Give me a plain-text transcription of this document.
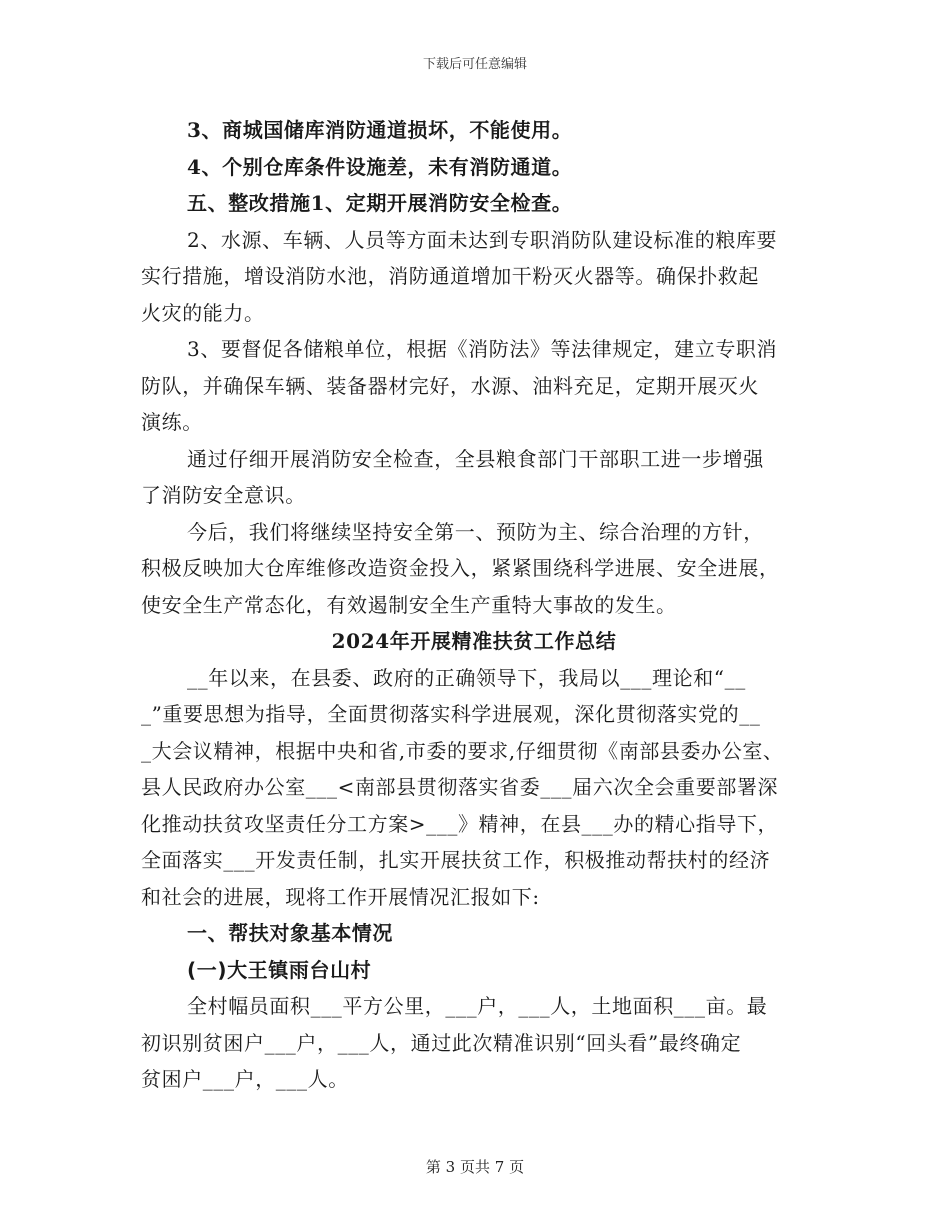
下载后可任意编辑
3、商城国储库消防通道损坏，不能使用。
4、个别仓库条件设施差，未有消防通道。
五、整改措施1、定期开展消防安全检查。
2、水源、车辆、人员等方面未达到专职消防队建设标准的粮库要
实行措施，增设消防水池，消防通道增加干粉灭火器等。确保扑救起
火灾的能力。
3、要督促各储粮单位，根据《消防法》等法律规定，建立专职消
防队，并确保车辆、装备器材完好，水源、油料充足，定期开展灭火
演练。
通过仔细开展消防安全检查，全县粮食部门干部职工进一步增强
了消防安全意识。
今后，我们将继续坚持安全第一、预防为主、综合治理的方针，
积极反映加大仓库维修改造资金投入，紧紧围绕科学进展、安全进展，
使安全生产常态化，有效遏制安全生产重特大事故的发生。
2024年开展精准扶贫工作总结
__年以来，在县委、政府的正确领导下，我局以___理论和“__
_”重要思想为指导，全面贯彻落实科学进展观，深化贯彻落实党的__
_大会议精神，根据中央和省,市委的要求,仔细贯彻《南部县委办公室、
县人民政府办公室___<南部县贯彻落实省委___届六次全会重要部署深
化推动扶贫攻坚责任分工方案>___》精神，在县___办的精心指导下，
全面落实___开发责任制，扎实开展扶贫工作，积极推动帮扶村的经济
和社会的进展，现将工作开展情况汇报如下:
一、帮扶对象基本情况
(一)大王镇雨台山村
全村幅员面积___平方公里，___户，___人，土地面积___亩。最
初识别贫困户___户，___人，通过此次精准识别“回头看”最终确定
贫困户___户，___人。
第 3 页共 7 页
